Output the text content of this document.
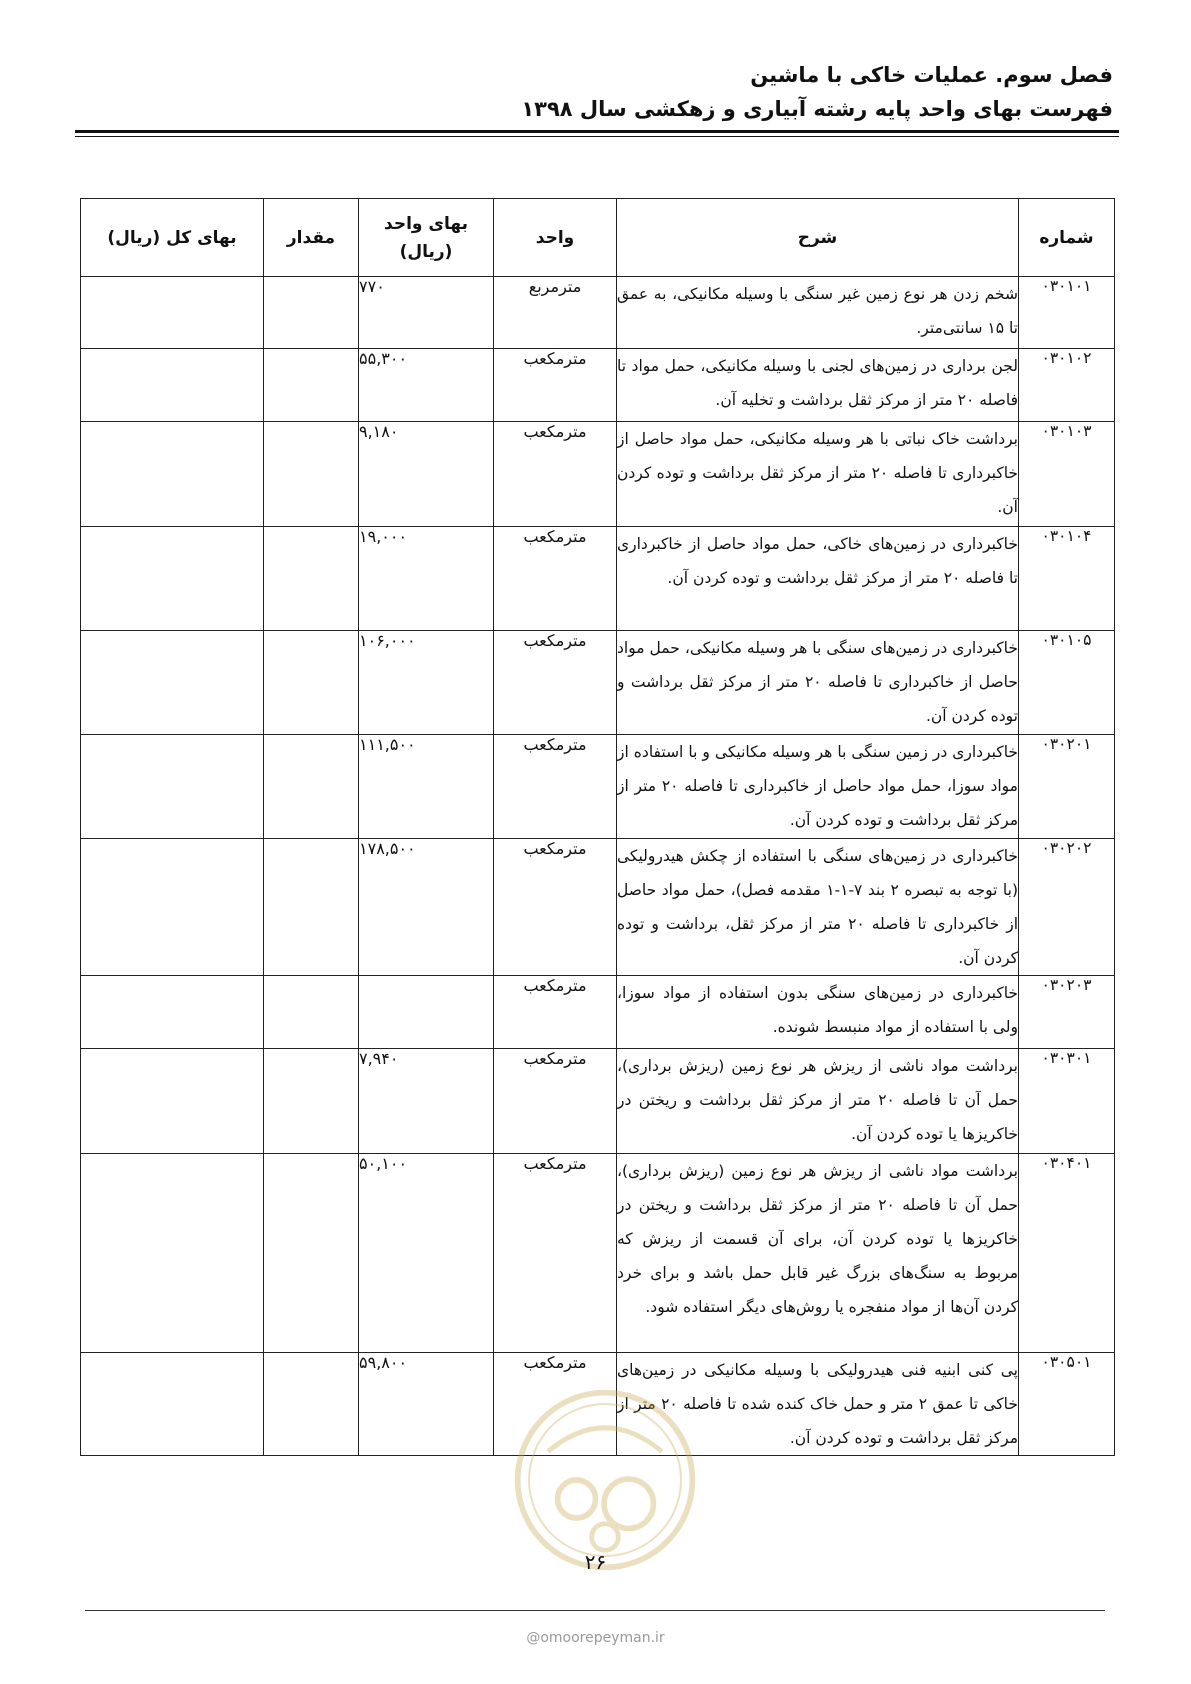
فصل سوم. عملیات خاکی با ماشین
فهرست بهای واحد پایه رشته آبیاری و زهکشی سال ۱۳۹۸
شماره	شرح	واحد	بهای واحد (ریال)	مقدار	بهای کل (ریال)
۰۳۰۱۰۱	شخم زدن هر نوع زمین غیر سنگی با وسیله مکانیکی، به عمق تا ۱۵ سانتی‌متر.	مترمربع	۷۷۰		
۰۳۰۱۰۲	لجن برداری در زمین‌های لجنی با وسیله مکانیکی، حمل مواد تا فاصله ۲۰ متر از مرکز ثقل برداشت و تخلیه آن.	مترمکعب	۵۵,۳۰۰		
۰۳۰۱۰۳	برداشت خاک نباتی با هر وسیله مکانیکی، حمل مواد حاصل از خاکبرداری تا فاصله ۲۰ متر از مرکز ثقل برداشت و توده کردن آن.	مترمکعب	۹,۱۸۰		
۰۳۰۱۰۴	خاکبرداری در زمین‌های خاکی، حمل مواد حاصل از خاکبرداری تا فاصله ۲۰ متر از مرکز ثقل برداشت و توده کردن آن.	مترمکعب	۱۹,۰۰۰		
۰۳۰۱۰۵	خاکبرداری در زمین‌های سنگی با هر وسیله مکانیکی، حمل مواد حاصل از خاکبرداری تا فاصله ۲۰ متر از مرکز ثقل برداشت و توده کردن آن.	مترمکعب	۱۰۶,۰۰۰		
۰۳۰۲۰۱	خاکبرداری در زمین سنگی با هر وسیله مکانیکی و با استفاده از مواد سوزا، حمل مواد حاصل از خاکبرداری تا فاصله ۲۰ متر از مرکز ثقل برداشت و توده کردن آن.	مترمکعب	۱۱۱,۵۰۰		
۰۳۰۲۰۲	خاکبرداری در زمین‌های سنگی با استفاده از چکش هیدرولیکی (با توجه به تبصره ۲ بند ۷-۱-۱ مقدمه فصل)، حمل مواد حاصل از خاکبرداری تا فاصله ۲۰ متر از مرکز ثقل، برداشت و توده کردن آن.	مترمکعب	۱۷۸,۵۰۰		
۰۳۰۲۰۳	خاکبرداری در زمین‌های سنگی بدون استفاده از مواد سوزا، ولی با استفاده از مواد منبسط شونده.	مترمکعب			
۰۳۰۳۰۱	برداشت مواد ناشی از ریزش هر نوع زمین (ریزش برداری)، حمل آن تا فاصله ۲۰ متر از مرکز ثقل برداشت و ریختن در خاکریزها یا توده کردن آن.	مترمکعب	۷,۹۴۰		
۰۳۰۴۰۱	برداشت مواد ناشی از ریزش هر نوع زمین (ریزش برداری)، حمل آن تا فاصله ۲۰ متر از مرکز ثقل برداشت و ریختن در خاکریزها یا توده کردن آن، برای آن قسمت از ریزش که مربوط به سنگ‌های بزرگ غیر قابل حمل باشد و برای خرد کردن آن‌ها از مواد منفجره یا روش‌های دیگر استفاده شود.	مترمکعب	۵۰,۱۰۰		
۰۳۰۵۰۱	پی کنی ابنیه فنی هیدرولیکی با وسیله مکانیکی در زمین‌های خاکی تا عمق ۲ متر و حمل خاک کنده شده تا فاصله ۲۰ متر از مرکز ثقل برداشت و توده کردن آن.	مترمکعب	۵۹,۸۰۰		
۲۶
@omoorepeyman.ir
